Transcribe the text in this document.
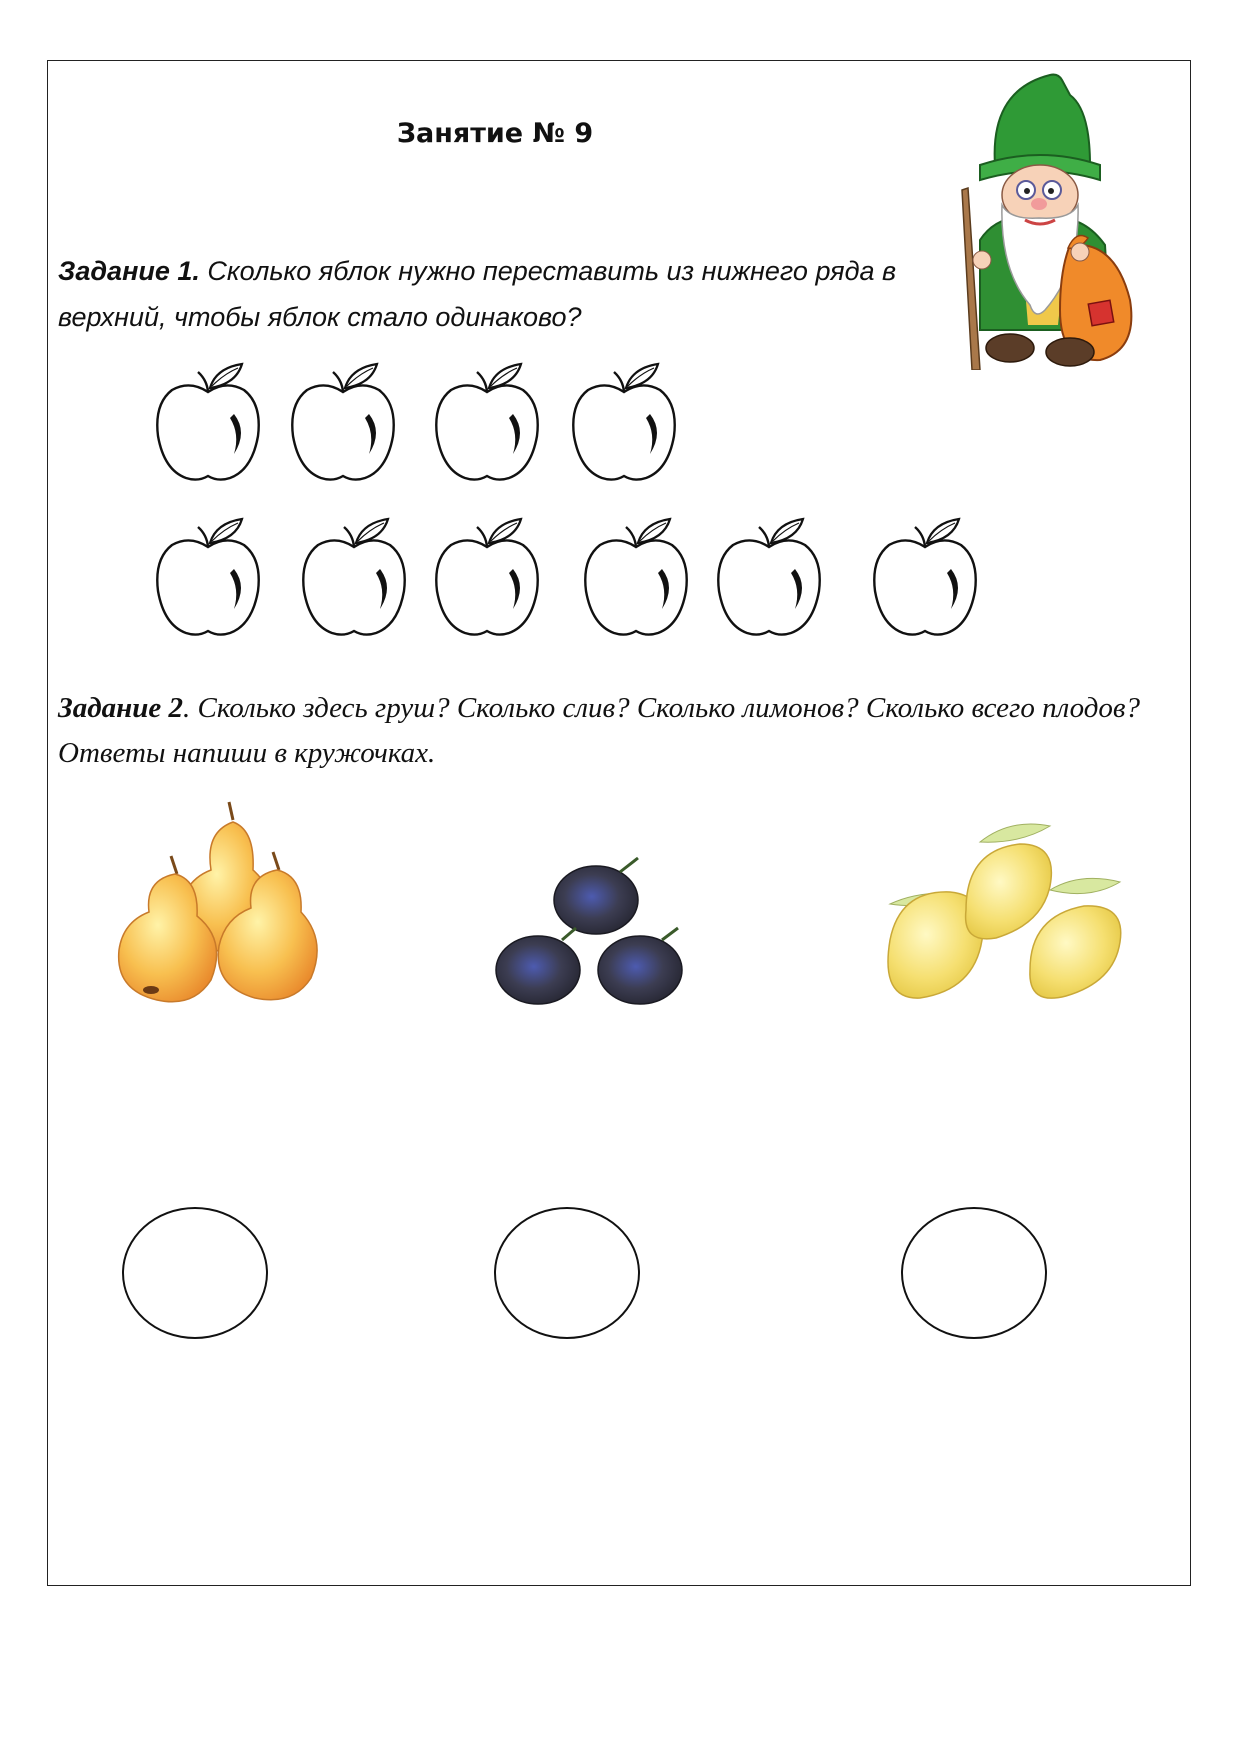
Занятие № 9
Задание 1. Сколько яблок нужно переставить из нижнего ряда в верхний, чтобы яблок стало одинаково?
Задание 2. Сколько здесь груш? Сколько слив? Сколько лимонов? Сколько всего плодов? Ответы напиши в кружочках.
